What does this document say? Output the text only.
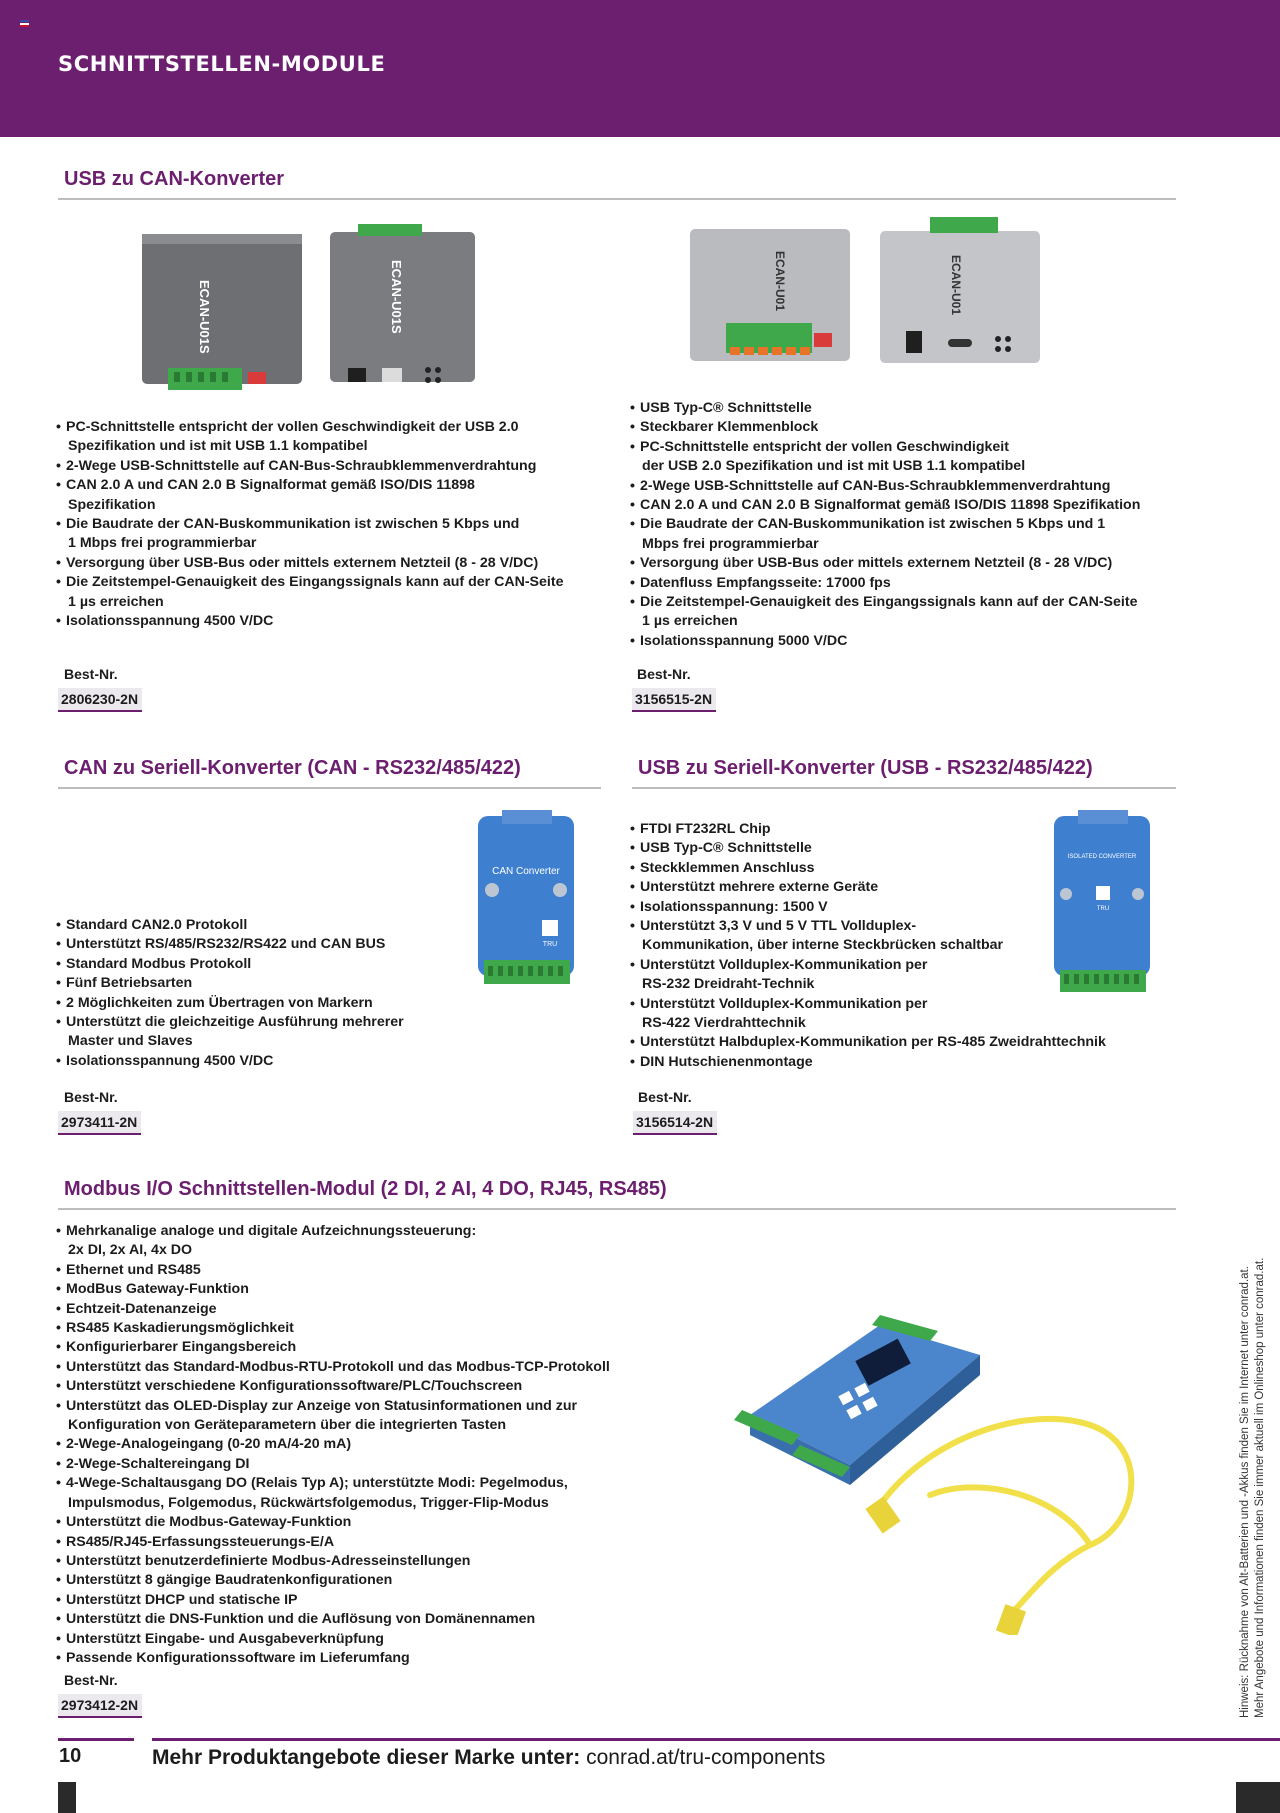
SCHNITTSTELLEN-MODULE
USB zu CAN-Konverter
ECAN-U01S	ECAN-U01S	ECAN-U01	ECAN-U01
• PC-Schnittstelle entspricht der vollen Geschwindigkeit der USB 2.0
Spezifikation und ist mit USB 1.1 kompatibel
• 2-Wege USB-Schnittstelle auf CAN-Bus-Schraubklemmenverdrahtung
• CAN 2.0 A und CAN 2.0 B Signalformat gemäß ISO/DIS 11898
Spezifikation
• Die Baudrate der CAN-Buskommunikation ist zwischen 5 Kbps und
1 Mbps frei programmierbar
• Versorgung über USB-Bus oder mittels externem Netzteil (8 - 28 V/DC)
• Die Zeitstempel-Genauigkeit des Eingangssignals kann auf der CAN-Seite
1 µs erreichen
• Isolationsspannung 4500 V/DC
• USB Typ-C® Schnittstelle
• Steckbarer Klemmenblock
• PC-Schnittstelle entspricht der vollen Geschwindigkeit
der USB 2.0 Spezifikation und ist mit USB 1.1 kompatibel
• 2-Wege USB-Schnittstelle auf CAN-Bus-Schraubklemmenverdrahtung
• CAN 2.0 A und CAN 2.0 B Signalformat gemäß ISO/DIS 11898 Spezifikation
• Die Baudrate der CAN-Buskommunikation ist zwischen 5 Kbps und 1
Mbps frei programmierbar
• Versorgung über USB-Bus oder mittels externem Netzteil (8 - 28 V/DC)
• Datenfluss Empfangsseite: 17000 fps
• Die Zeitstempel-Genauigkeit des Eingangssignals kann auf der CAN-Seite
1 µs erreichen
• Isolationsspannung 5000 V/DC
Best-Nr.
2806230-2N
Best-Nr.
3156515-2N
CAN zu Seriell-Konverter (CAN - RS232/485/422)	USB zu Seriell-Konverter (USB - RS232/485/422)
CAN Converter
TRU
ISOLATED CONVERTER
TRU
• Standard CAN2.0 Protokoll
• Unterstützt RS/485/RS232/RS422 und CAN BUS
• Standard Modbus Protokoll
• Fünf Betriebsarten
• 2 Möglichkeiten zum Übertragen von Markern
• Unterstützt die gleichzeitige Ausführung mehrerer
Master und Slaves
• Isolationsspannung 4500 V/DC
• FTDI FT232RL Chip
• USB Typ-C® Schnittstelle
• Steckklemmen Anschluss
• Unterstützt mehrere externe Geräte
• Isolationsspannung: 1500 V
• Unterstützt 3,3 V und 5 V TTL Vollduplex-
Kommunikation, über interne Steckbrücken schaltbar
• Unterstützt Vollduplex-Kommunikation per
RS-232 Dreidraht-Technik
• Unterstützt Vollduplex-Kommunikation per
RS-422 Vierdrahttechnik
• Unterstützt Halbduplex-Kommunikation per RS-485 Zweidrahttechnik
• DIN Hutschienenmontage
Best-Nr.
2973411-2N
Best-Nr.
3156514-2N
Modbus I/O Schnittstellen-Modul (2 DI, 2 AI, 4 DO, RJ45, RS485)
• Mehrkanalige analoge und digitale Aufzeichnungssteuerung:
2x DI, 2x AI, 4x DO
• Ethernet und RS485
• ModBus Gateway-Funktion
• Echtzeit-Datenanzeige
• RS485 Kaskadierungsmöglichkeit
• Konfigurierbarer Eingangsbereich
• Unterstützt das Standard-Modbus-RTU-Protokoll und das Modbus-TCP-Protokoll
• Unterstützt verschiedene Konfigurationssoftware/PLC/Touchscreen
• Unterstützt das OLED-Display zur Anzeige von Statusinformationen und zur
Konfiguration von Geräteparametern über die integrierten Tasten
• 2-Wege-Analogeingang (0-20 mA/4-20 mA)
• 2-Wege-Schaltereingang DI
• 4-Wege-Schaltausgang DO (Relais Typ A); unterstützte Modi: Pegelmodus,
Impulsmodus, Folgemodus, Rückwärtsfolgemodus, Trigger-Flip-Modus
• Unterstützt die Modbus-Gateway-Funktion
• RS485/RJ45-Erfassungssteuerungs-E/A
• Unterstützt benutzerdefinierte Modbus-Adresseinstellungen
• Unterstützt 8 gängige Baudratenkonfigurationen
• Unterstützt DHCP und statische IP
• Unterstützt die DNS-Funktion und die Auflösung von Domänennamen
• Unterstützt Eingabe- und Ausgabeverknüpfung
• Passende Konfigurationssoftware im Lieferumfang
Best-Nr.
2973412-2N	Hinweis: Rücknahme von Alt-Batterien und -Akkus finden Sie im Internet unter conrad.at. Mehr Angebote und Informationen finden Sie immer aktuell im Onlineshop unter conrad.at.
10	Mehr Produktangebote dieser Marke unter: conrad.at/tru-components
